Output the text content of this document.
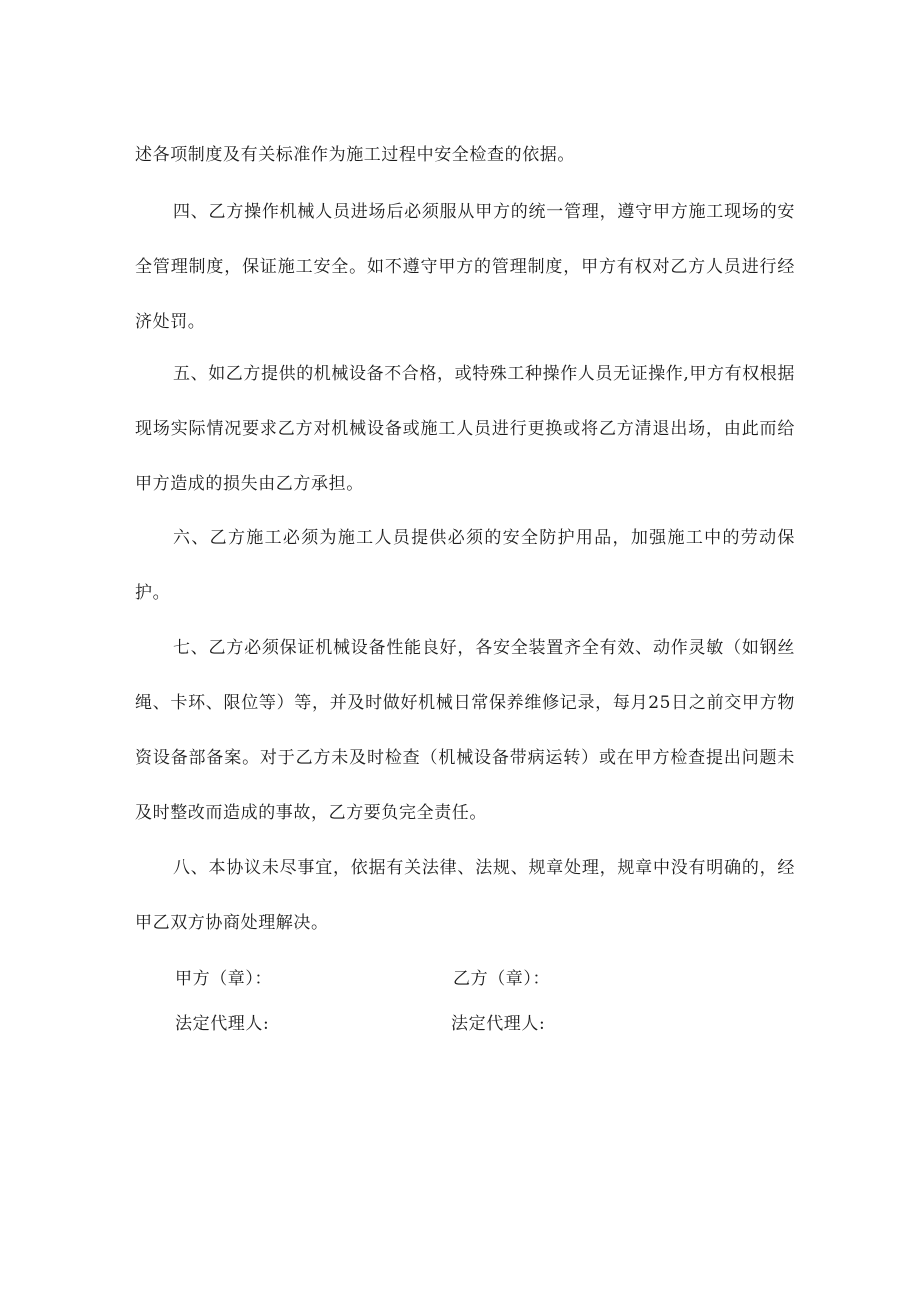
述各项制度及有关标准作为施工过程中安全检查的依据。

四、乙方操作机械人员进场后必须服从甲方的统一管理，遵守甲方施工现场的安全管理制度，保证施工安全。如不遵守甲方的管理制度，甲方有权对乙方人员进行经济处罚。

五、如乙方提供的机械设备不合格，或特殊工种操作人员无证操作,甲方有权根据现场实际情况要求乙方对机械设备或施工人员进行更换或将乙方清退出场，由此而给甲方造成的损失由乙方承担。

六、乙方施工必须为施工人员提供必须的安全防护用品，加强施工中的劳动保护。

七、乙方必须保证机械设备性能良好，各安全装置齐全有效、动作灵敏（如钢丝绳、卡环、限位等）等，并及时做好机械日常保养维修记录，每月25日之前交甲方物资设备部备案。对于乙方未及时检查（机械设备带病运转）或在甲方检查提出问题未及时整改而造成的事故，乙方要负完全责任。

八、本协议未尽事宜，依据有关法律、法规、规章处理，规章中没有明确的，经甲乙双方协商处理解决。

甲方（章）：	乙方（章）：
法定代理人:	法定代理人:
